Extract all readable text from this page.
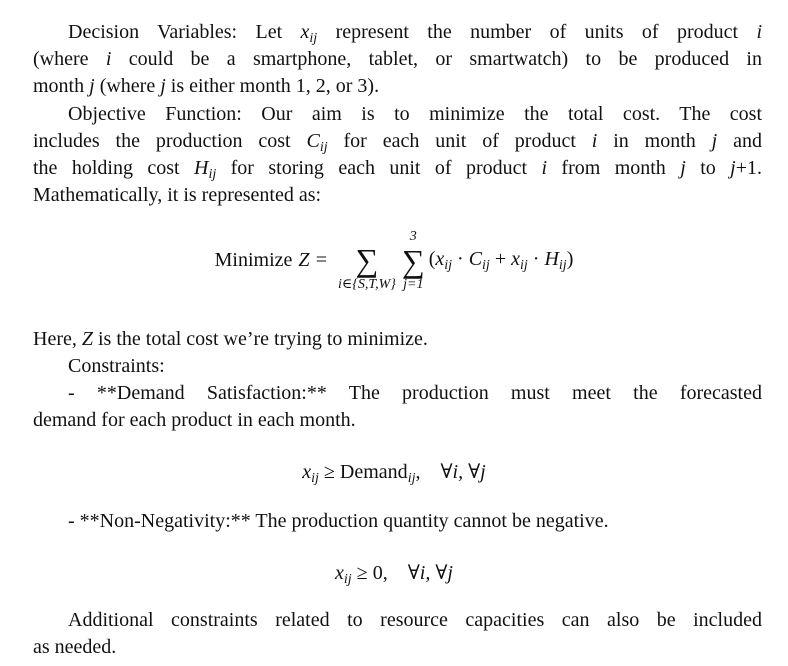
Decision Variables: Let $x_{ij}$ represent the number of units of product i
(where i could be a smartphone, tablet, or smartwatch) to be produced in
month j (where j is either month 1, 2, or 3).
Objective Function: Our aim is to minimize the total cost. The cost
includes the production cost $C_{ij}$ for each unit of product i in month j and
the holding cost $H_{ij}$ for storing each unit of product i from month j to j+1.
Mathematically, it is represented as:
Minimize Z = ∑
i∈{S,T,W}
3
∑
j=1
$(x_{ij} \cdot C_{ij} + x_{ij} \cdot H_{ij})$
Here, Z is the total cost we’re trying to minimize.
Constraints:
- **Demand Satisfaction:** The production must meet the forecasted
demand for each product in each month.
$x_{ij}$ ≥ Demand$_{ij}$,    ∀i, ∀j
- **Non-Negativity:** The production quantity cannot be negative.
$x_{ij} \ge 0$, ∀i, ∀j
Additional constraints related to resource capacities can also be included
as needed.
